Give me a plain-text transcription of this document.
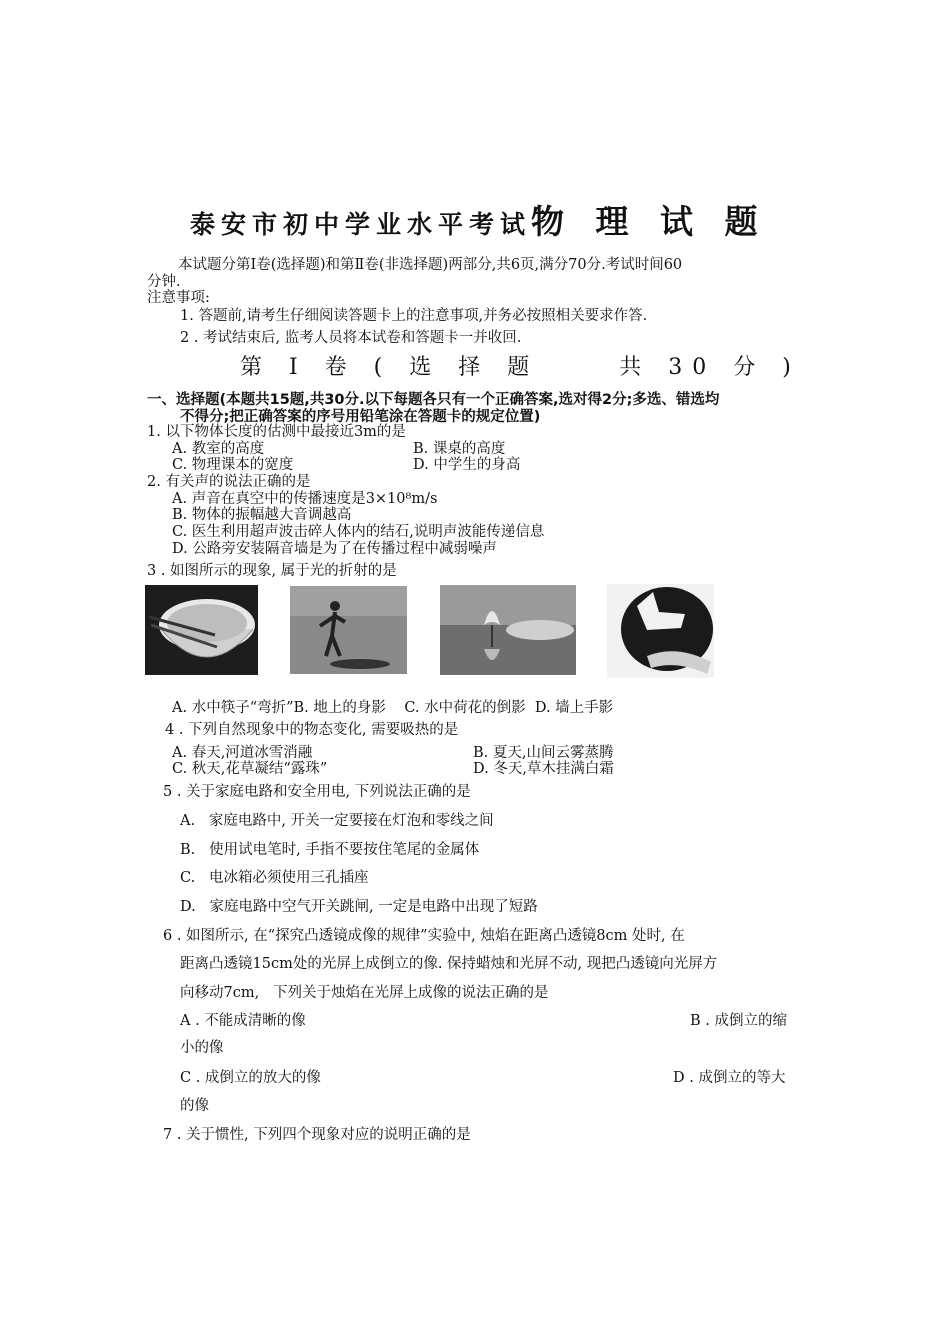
泰安市初中学业水平考试物 理 试 题
本试题分第Ⅰ卷(选择题)和第Ⅱ卷(非选择题)两部分,共6页,满分70分.考试时间60
分钟.
注意事项:
1. 答题前,请考生仔细阅读答题卡上的注意事项,并务必按照相关要求作答.
2 . 考试结束后, 监考人员将本试卷和答题卡一并收回.
第 Ⅰ 卷 ( 选 择 题	共 30 分 )
一、选择题(本题共15题,共30分.以下每题各只有一个正确答案,选对得2分;多选、错选均
不得分;把正确答案的序号用铅笔涂在答题卡的规定位置)
1. 以下物体长度的估测中最接近3m的是
A. 教室的高度	B. 课桌的高度
C. 物理课本的宽度	D. 中学生的身高
2. 有关声的说法正确的是
A. 声音在真空中的传播速度是3×10⁸m/s
B. 物体的振幅越大音调越高
C. 医生利用超声波击碎人体内的结石,说明声波能传递信息
D. 公路旁安装隔音墙是为了在传播过程中减弱噪声
3 . 如图所示的现象, 属于光的折射的是
A. 水中筷子“弯折”B. 地上的身影    C. 水中荷花的倒影  D. 墙上手影
4 . 下列自然现象中的物态变化, 需要吸热的是
A. 春天,河道冰雪消融	B. 夏天,山间云雾蒸腾
C. 秋天,花草凝结“露珠”	D. 冬天,草木挂满白霜
5 . 关于家庭电路和安全用电, 下列说法正确的是
A.   家庭电路中, 开关一定要接在灯泡和零线之间
B.   使用试电笔时, 手指不要按住笔尾的金属体
C.   电冰箱必须使用三孔插座
D.   家庭电路中空气开关跳闸, 一定是电路中出现了短路
6 . 如图所示, 在“探究凸透镜成像的规律”实验中, 烛焰在距离凸透镜8cm 处时, 在
距离凸透镜15cm处的光屏上成倒立的像. 保持蜡烛和光屏不动, 现把凸透镜向光屏方
向移动7cm,   下列关于烛焰在光屏上成像的说法正确的是
A . 不能成清晰的像	B . 成倒立的缩
小的像
C . 成倒立的放大的像	D . 成倒立的等大
的像
7 . 关于惯性, 下列四个现象对应的说明正确的是
